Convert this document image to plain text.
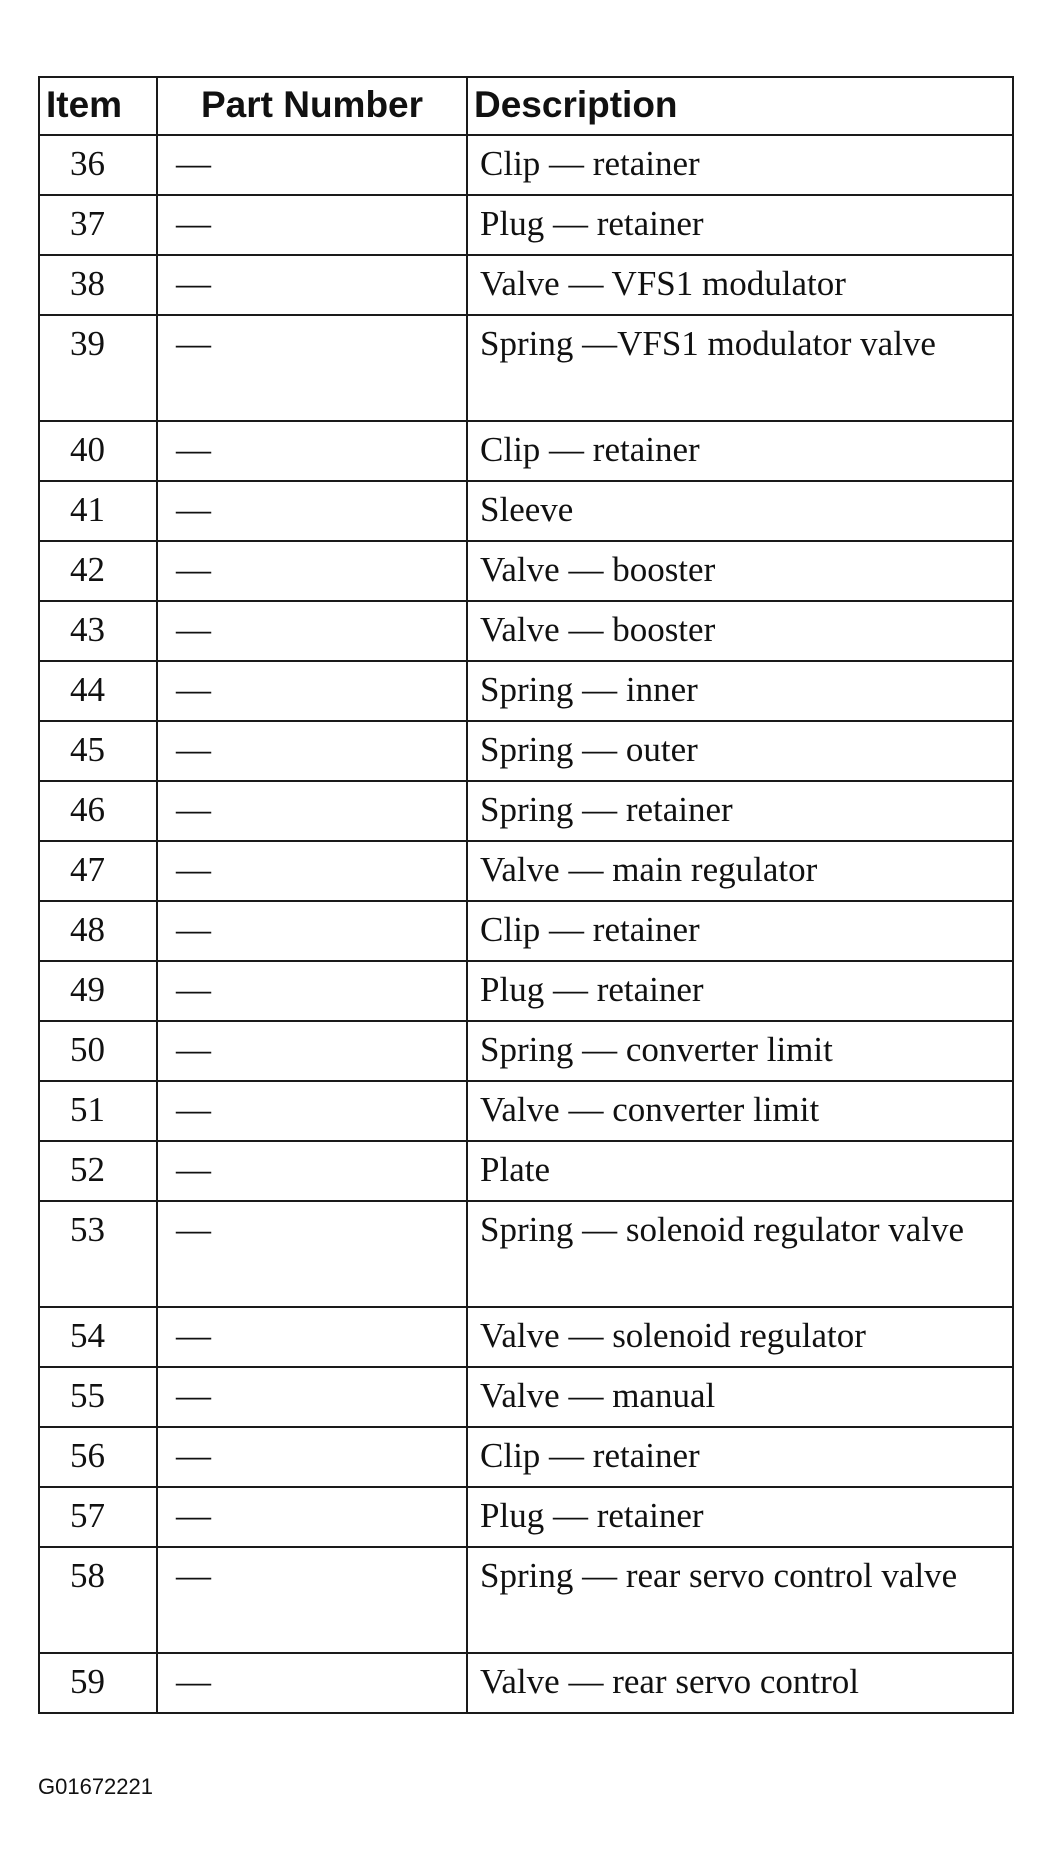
Item	Part Number	Description
36	—	Clip — retainer
37	—	Plug — retainer
38	—	Valve — VFS1 modulator
39	—	Spring —VFS1 modulator valve
40	—	Clip — retainer
41	—	Sleeve
42	—	Valve — booster
43	—	Valve — booster
44	—	Spring — inner
45	—	Spring — outer
46	—	Spring — retainer
47	—	Valve — main regulator
48	—	Clip — retainer
49	—	Plug — retainer
50	—	Spring — converter limit
51	—	Valve — converter limit
52	—	Plate
53	—	Spring — solenoid regulator valve
54	—	Valve — solenoid regulator
55	—	Valve — manual
56	—	Clip — retainer
57	—	Plug — retainer
58	—	Spring — rear servo control valve
59	—	Valve — rear servo control
G01672221
